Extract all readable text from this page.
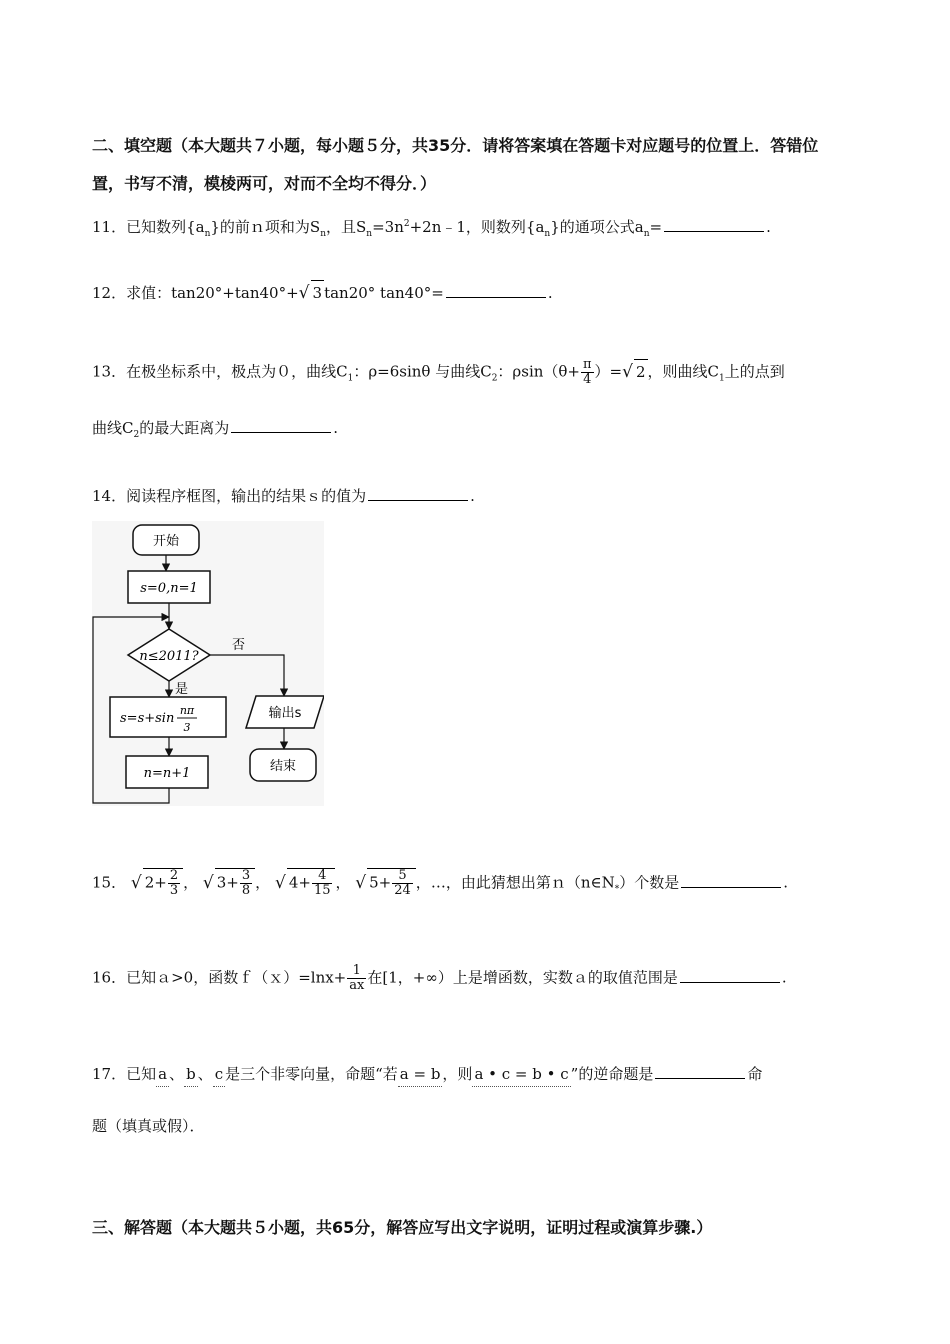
二、填空题（本大题共７小题，每小题５分，共35分．请将答案填在答题卡对应题号的位置上．答错位
置，书写不清，模棱两可，对而不全均不得分．）
11．已知数列$\{a_n\}$的前ｎ项和为$S_n$，且$S_n=3n^2+2n﹣1$，则数列$\{a_n\}$的通项公式$a_n=$	.
12．求值：tan20°+tan40°+√ 3 tan20° tan40°=	.
13．在极坐标系中，极点为０，曲线$C_1$：ρ=6sinθ 与曲线$C_2$：$\rho\sin(\theta+ \frac{\pi}{4}$ ）=√ 2 ，则曲线$C_1$上的点到
曲线$C_2$的最大距离为	.
14．阅读程序框图，输出的结果ｓ的值为	.
开始
s=0,n=1
n≤2011?
否
是
s=s+sin
nπ
3
n=n+1
输出s
结束
15． √ $2+ \frac{2}{3}$ ， √ $3+ \frac{3}{8}$ ， √ $4+ \frac{4}{15}$ ， √ $5+ \frac{5}{24}$ ，…，由此猜想出第$n(n\in N_*)$个数是	.
16．已知ａ>0，函数ｆ（ｘ）=lnx+ $\frac{1}{ax}$ 在[1，+∞）上是增函数，实数ａ的取值范围是	.
17．已知 a 、 b 、 c 是三个非零向量，命题“若 a = b ，则 a • c = b • c ”的逆命题是	命
题（填真或假）．
三、解答题（本大题共５小题，共65分，解答应写出文字说明，证明过程或演算步骤.）
